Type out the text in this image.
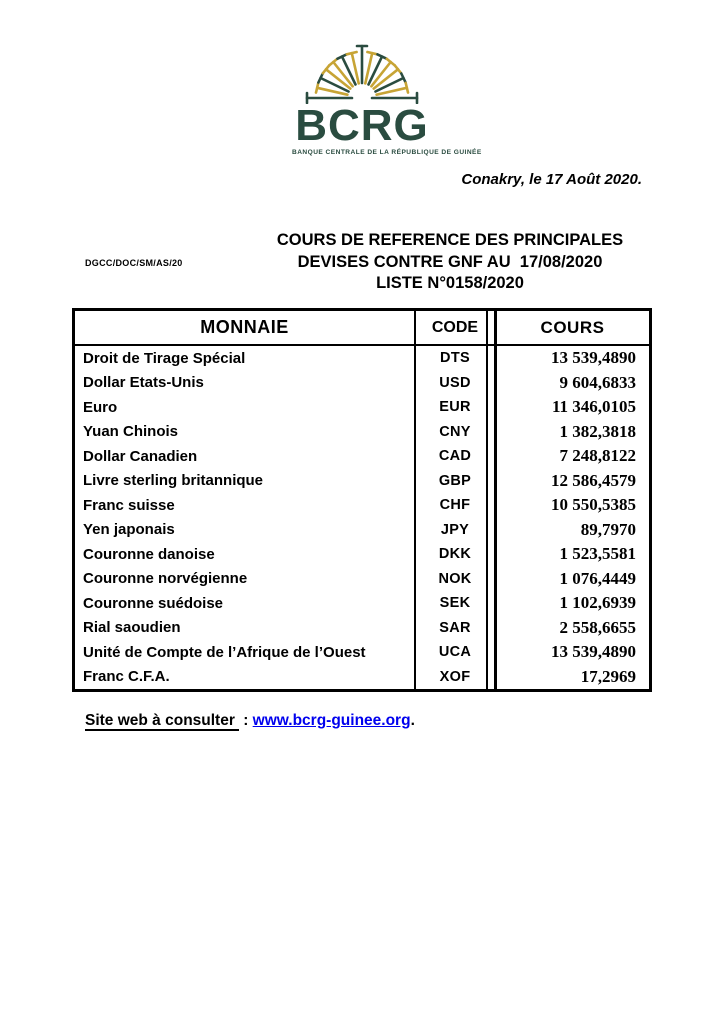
BCRG
BANQUE CENTRALE DE LA RÉPUBLIQUE DE GUINÉE
Conakry, le 17 Août 2020.
DGCC/DOC/SM/AS/20
COURS DE REFERENCE DES PRINCIPALES
DEVISES CONTRE GNF AU  17/08/2020
LISTE N°0158/2020
MONNAIE	CODE	COURS
Droit de Tirage Spécial	DTS	13 539,4890
Dollar Etats-Unis	USD	9 604,6833
Euro	EUR	11 346,0105
Yuan Chinois	CNY	1 382,3818
Dollar Canadien	CAD	7 248,8122
Livre sterling britannique	GBP	12 586,4579
Franc suisse	CHF	10 550,5385
Yen japonais	JPY	89,7970
Couronne danoise	DKK	1 523,5581
Couronne norvégienne	NOK	1 076,4449
Couronne suédoise	SEK	1 102,6939
Rial saoudien	SAR	2 558,6655
Unité de Compte de l’Afrique de l’Ouest	UCA	13 539,4890
Franc C.F.A.	XOF	17,2969
Site web à consulter : www.bcrg-guinee.org.
